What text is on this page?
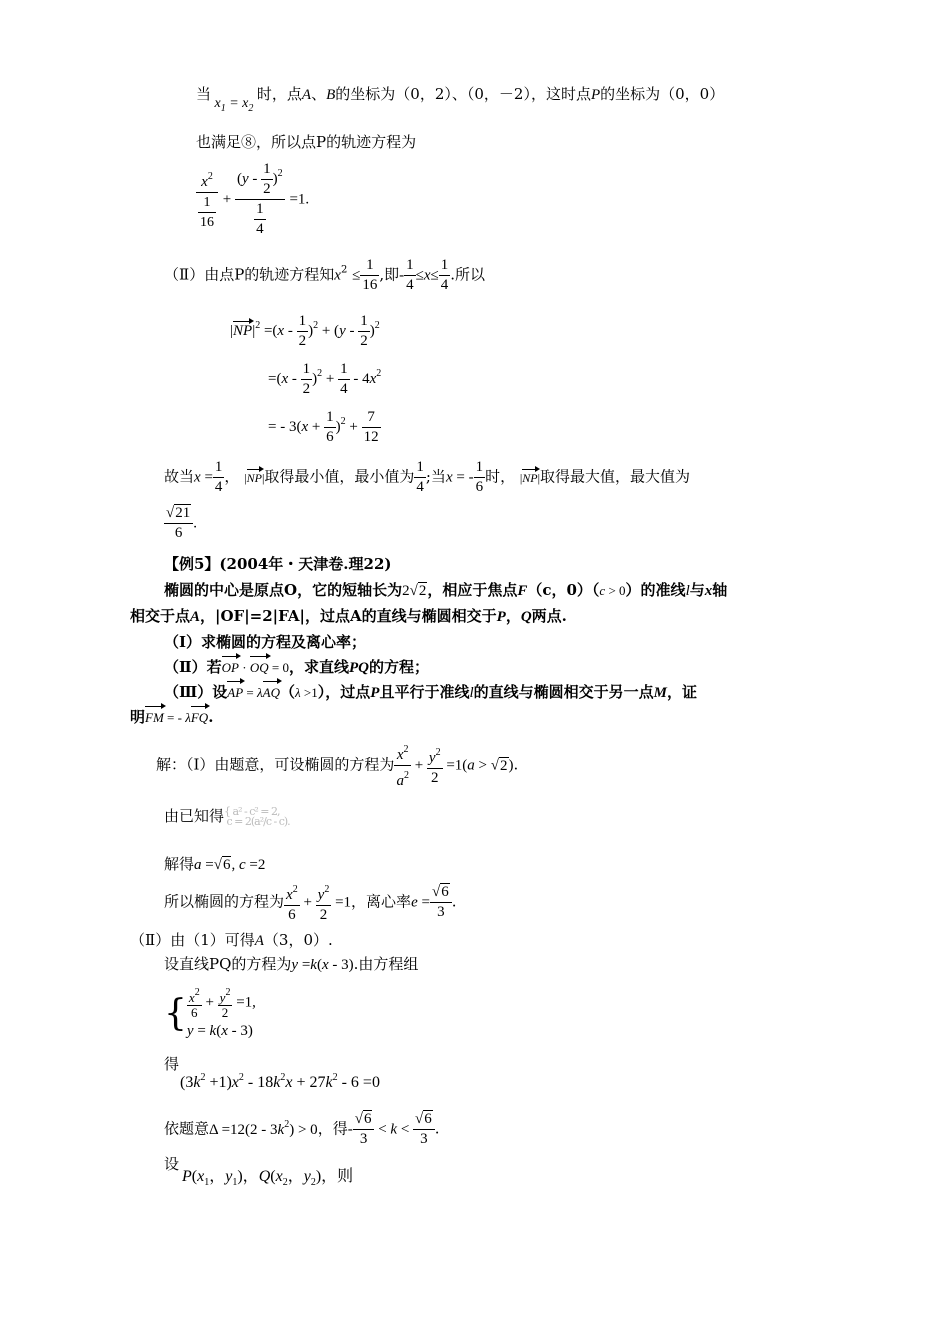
当 $x_1 = x_2$ 时，点A、B的坐标为（0，2）、（0，－2），这时点P的坐标为（0，0）
也满足⑧，所以点P的轨迹方程为
$\frac{x^2}{\frac{1}{16}} + \frac{(y - \frac{1}{2} )^2}{\frac{1}{4}} =1$.
（Ⅱ）由点P的轨迹方程知$x^2 \le \frac{1}{16}$ ,即- $\frac{1}{4} \le x\le \frac{1}{4}$ .所以
$|NP|^2 =(x - \frac{1}{2} )^2 + (y - \frac{1}{2} )^2$
$=(x - \frac{1}{2} )^2 + \frac{1}{4} - 4x^2$
= - $3(x + \frac{1}{6} )^2 + \frac{7}{12}$
故当$x = \frac{1}{4}$ ， |NP|取得最小值，最小值为 $\frac{1}{4}$ ;当x = - $\frac{1}{6}$ 时， |NP|取得最大值，最大值为
$\frac{√21}{6}$ .
【例5】(2004年・天津卷.理22)
椭圆的中心是原点O，它的短轴长为2√2，相应于焦点F（c，0）（c > 0）的准线l与x轴
相交于点A，|OF|=2|FA|，过点A的直线与椭圆相交于P，Q两点.
（Ⅰ）求椭圆的方程及离心率；
（Ⅱ）若OP · OQ = 0，求直线PQ的方程；
（Ⅲ）设AP = λAQ（λ >1），过点P且平行于准线l的直线与椭圆相交于另一点M，证
明FM = - λFQ.
解：（Ⅰ）由题意，可设椭圆的方程为 $\frac{x^2}{a^2} + \frac{y^2}{2} =1(a > √2)$.
由已知得{ a² - c² = 2,
c = 2(a²/c - c).
解得a =√6, c =2
所以椭圆的方程为 $\frac{x^2}{6} + \frac{y^2}{2} =1$，离心率$e = \frac{√6}{3}$ .
（Ⅱ）由（1）可得A（3，0）.
设直线PQ的方程为y =k(x - 3).由方程组
{ $\frac{x^2}{6} + \frac{y^2}{2} =1$,
y = k(x - 3)
得
$(3k^2 +1)x^2 - 18k^2x + 27k^2 - 6 =0$
依题意$\Delta =12(2 - 3k^2) > 0$，得- $\frac{√6}{3} < k < \frac{√6}{3}$ .
设
$P(x_1$，$y_1$)，$Q(x_2$，$y_2$)，则
